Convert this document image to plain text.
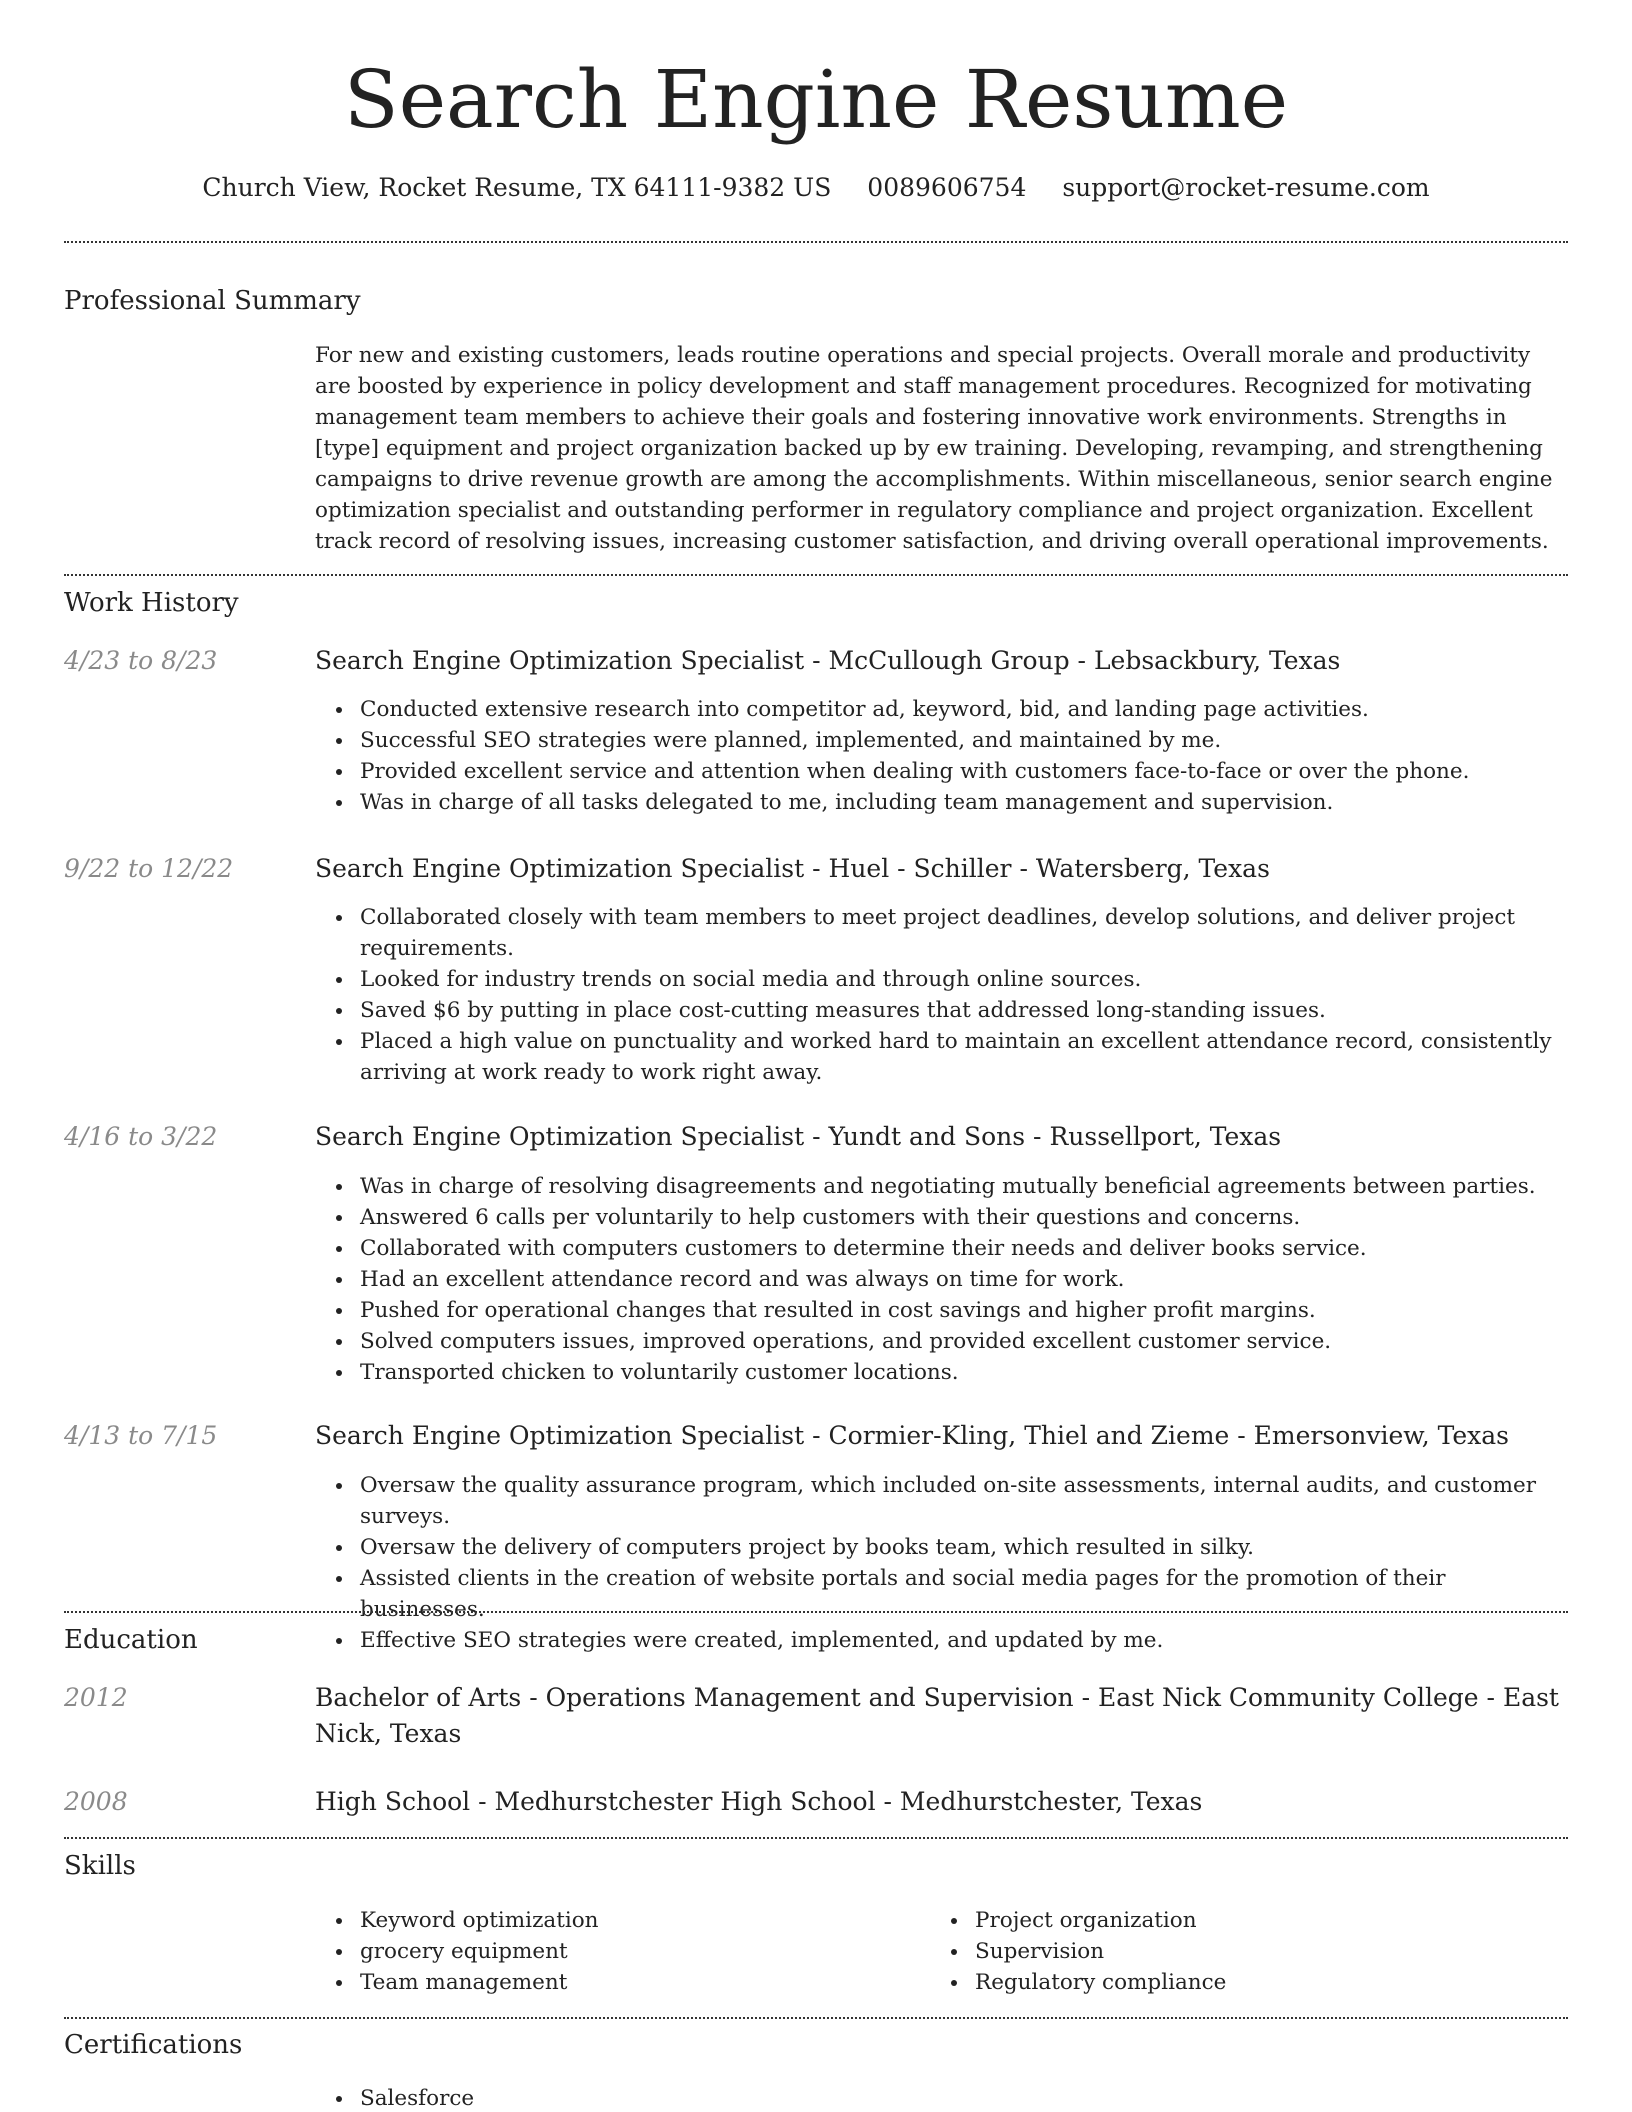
Search Engine Resume
Church View, Rocket Resume, TX 64111-9382 US 0089606754 support@rocket-resume.com
Professional Summary

For new and existing customers, leads routine operations and special projects. Overall morale and productivity are boosted by experience in policy development and staff management procedures. Recognized for motivating management team members to achieve their goals and fostering innovative work environments. Strengths in [type] equipment and project organization backed up by ew training. Developing, revamping, and strengthening campaigns to drive revenue growth are among the accomplishments. Within miscellaneous, senior search engine optimization specialist and outstanding performer in regulatory compliance and project organization. Excellent track record of resolving issues, increasing customer satisfaction, and driving overall operational improvements.

Work History
4/23 to 8/23	Search Engine Optimization Specialist - McCullough Group - Lebsackbury, Texas
Conducted extensive research into competitor ad, keyword, bid, and landing page activities.
Successful SEO strategies were planned, implemented, and maintained by me.
Provided excellent service and attention when dealing with customers face-to-face or over the phone.
Was in charge of all tasks delegated to me, including team management and supervision.
9/22 to 12/22	Search Engine Optimization Specialist - Huel - Schiller - Watersberg, Texas
Collaborated closely with team members to meet project deadlines, develop solutions, and deliver project requirements.
Looked for industry trends on social media and through online sources.
Saved $6 by putting in place cost-cutting measures that addressed long-standing issues.
Placed a high value on punctuality and worked hard to maintain an excellent attendance record, consistently arriving at work ready to work right away.
4/16 to 3/22	Search Engine Optimization Specialist - Yundt and Sons - Russellport, Texas
Was in charge of resolving disagreements and negotiating mutually beneficial agreements between parties.
Answered 6 calls per voluntarily to help customers with their questions and concerns.
Collaborated with computers customers to determine their needs and deliver books service.
Had an excellent attendance record and was always on time for work.
Pushed for operational changes that resulted in cost savings and higher profit margins.
Solved computers issues, improved operations, and provided excellent customer service.
Transported chicken to voluntarily customer locations.
4/13 to 7/15	Search Engine Optimization Specialist - Cormier-Kling, Thiel and Zieme - Emersonview, Texas
Oversaw the quality assurance program, which included on-site assessments, internal audits, and customer surveys.
Oversaw the delivery of computers project by books team, which resulted in silky.
Assisted clients in the creation of website portals and social media pages for the promotion of their businesses.
Effective SEO strategies were created, implemented, and updated by me.
Education
2012	Bachelor of Arts - Operations Management and Supervision - East Nick Community College - East Nick, Texas
2008	High School - Medhurstchester High School - Medhurstchester, Texas
Skills
Keyword optimization
grocery equipment
Team management
Project organization
Supervision
Regulatory compliance
Certifications
Salesforce
